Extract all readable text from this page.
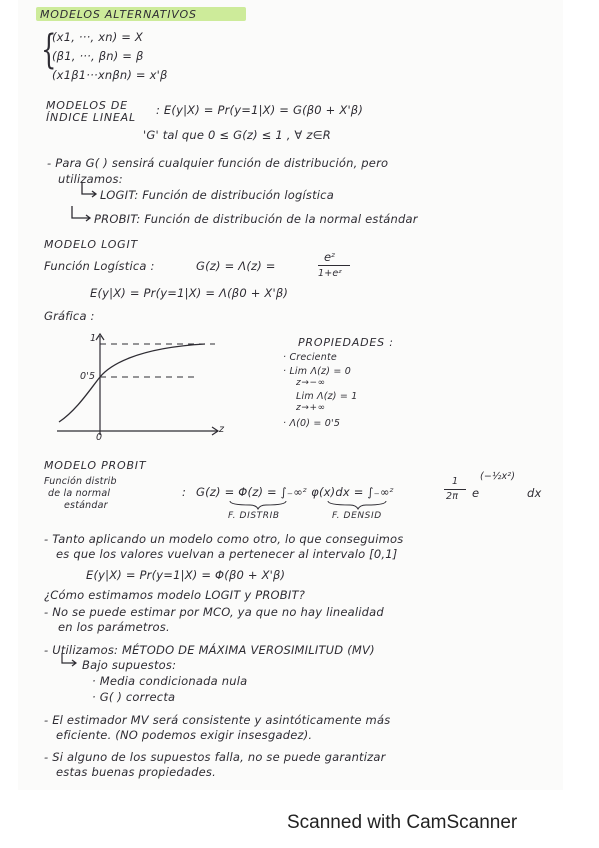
MODELOS ALTERNATIVOS
{
(x1, ···, xn) = X
(β1, ···, βn) = β
(x1β1···xnβn) = x'β
MODELOS DE
ÍNDICE LINEAL
: E(y|X) = Pr(y=1|X) = G(β0 + X'β)
'G' tal que 0 ≤ G(z) ≤ 1 , ∀ z∈R
- Para G( ) sensirá cualquier función de distribución, pero
utilizamos:
LOGIT: Función de distribución logística
PROBIT: Función de distribución de la normal estándar
MODELO LOGIT
Función Logística :	G(z) = Λ(z) =
eᶻ
1+eᶻ
E(y|X) = Pr(y=1|X) = Λ(β0 + X'β)
Gráfica :
1
0'5
0
z
PROPIEDADES :
· Creciente
· Lim Λ(z) = 0
z→−∞
Lim Λ(z) = 1
z→+∞
· Λ(0) = 0'5
MODELO PROBIT
Función distrib
de la normal
estándar
: G(z) = Φ(z) = ∫₋∞ᶻ φ(x)dx = ∫₋∞ᶻ
1
2π e
(−½x²)
dx
F. DISTRIB	F. DENSID
- Tanto aplicando un modelo como otro, lo que conseguimos
es que los valores vuelvan a pertenecer al intervalo [0,1]
E(y|X) = Pr(y=1|X) = Φ(β0 + X'β)
¿Cómo estimamos modelo LOGIT y PROBIT?
- No se puede estimar por MCO, ya que no hay linealidad
en los parámetros.
- Utilizamos: MÉTODO DE MÁXIMA VEROSIMILITUD (MV)
Bajo supuestos:
· Media condicionada nula
· G( ) correcta
- El estimador MV será consistente y asintóticamente más
eficiente. (NO podemos exigir insesgadez).
- Si alguno de los supuestos falla, no se puede garantizar
estas buenas propiedades.
Scanned with CamScanner
